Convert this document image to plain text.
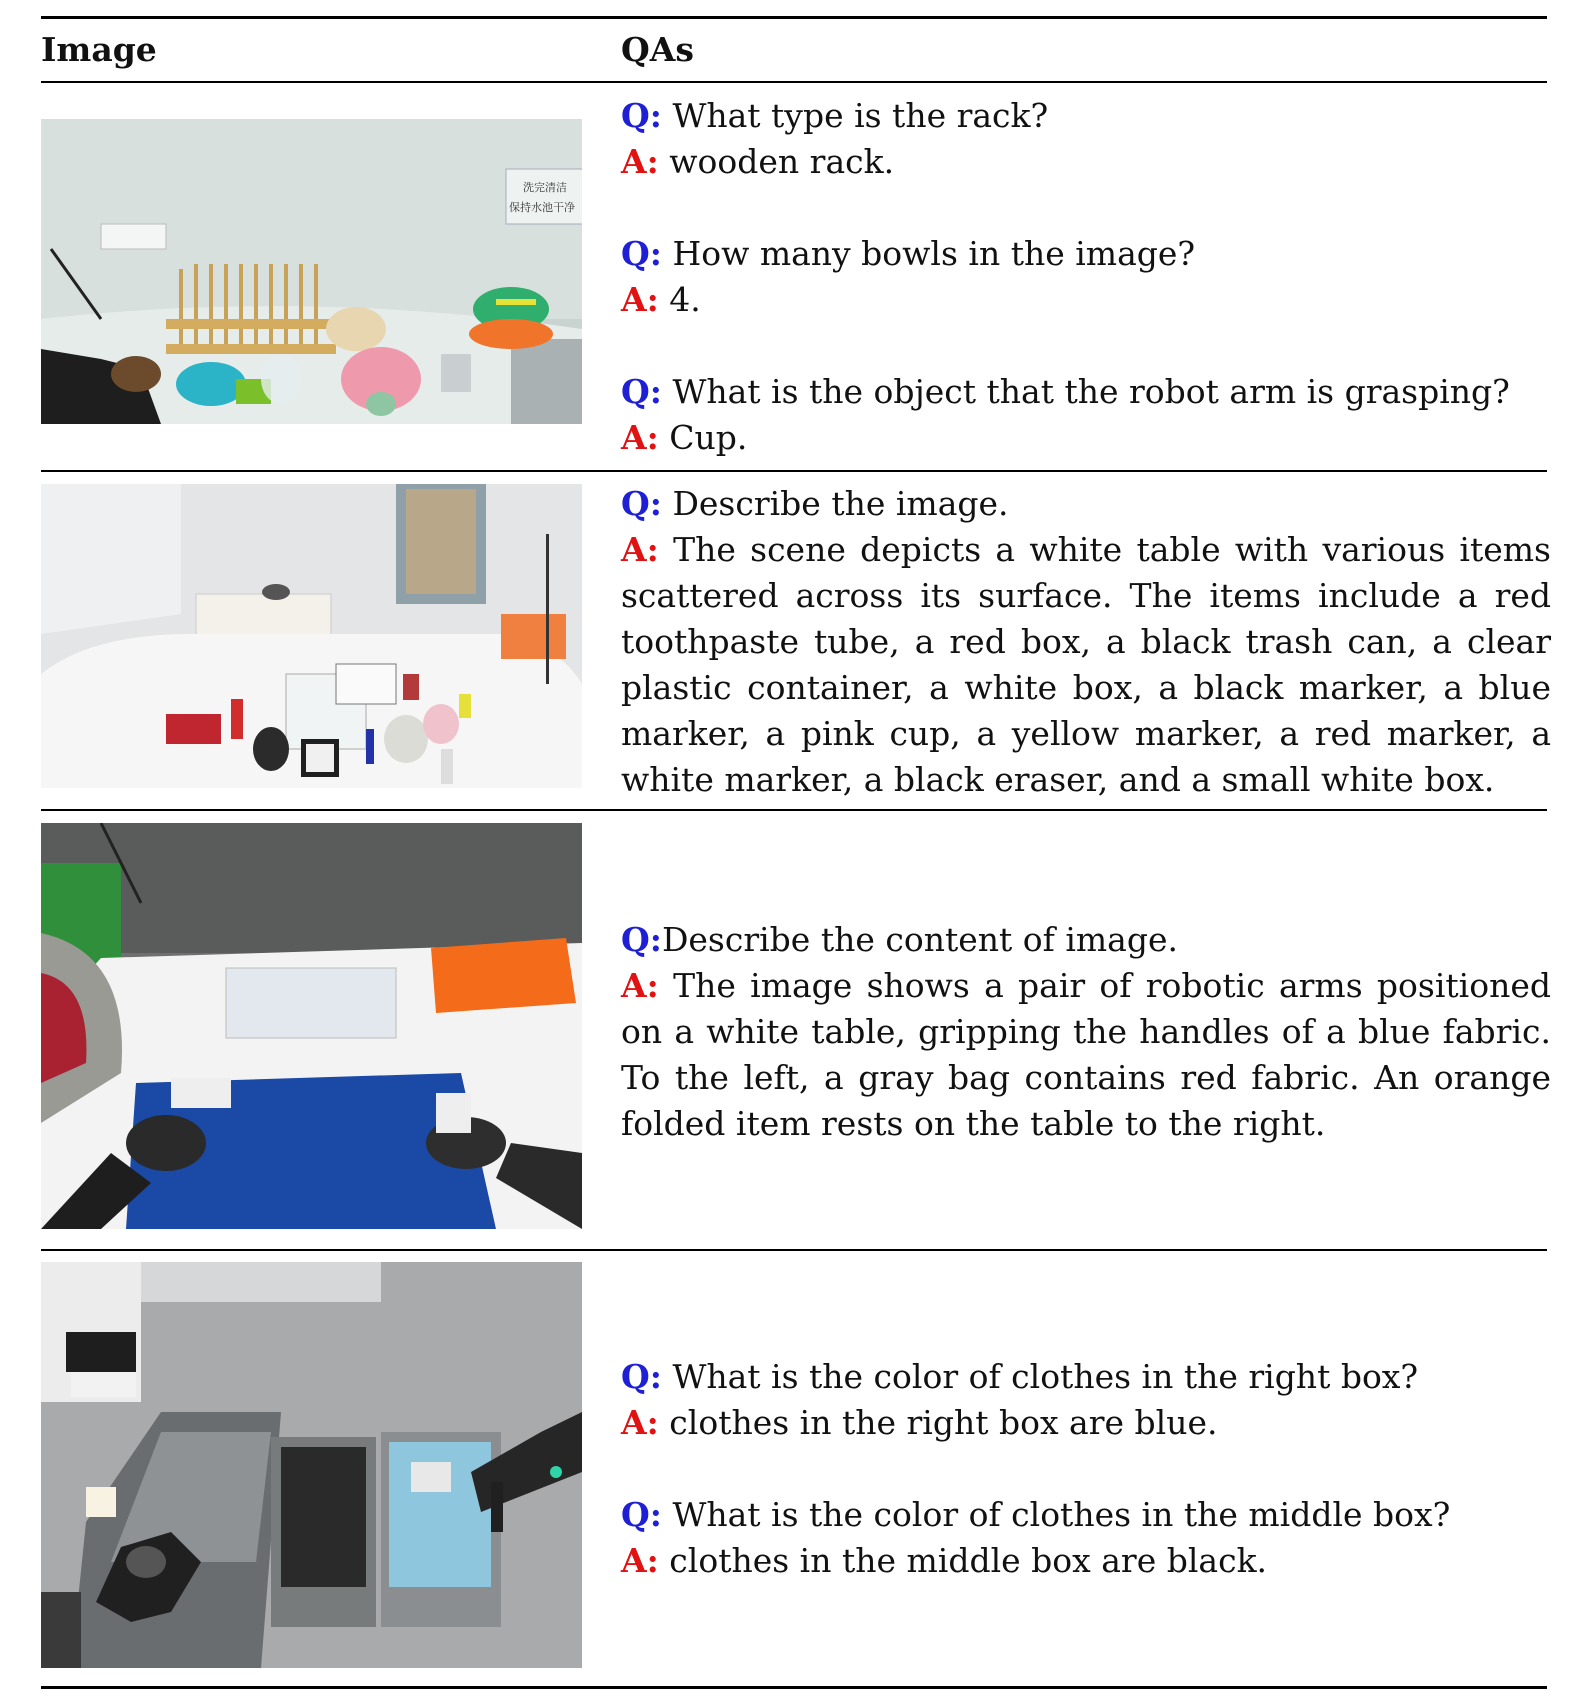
Image	QAs
洗完清洁
保持水池干净
Q: What type is the rack?
A: wooden rack.
Q: How many bowls in the image?
A: 4.
Q: What is the object that the robot arm is grasping?
A: Cup.
Q: Describe the image.
A: The scene depicts a white table with various items scattered across its surface. The items include a red toothpaste tube, a red box, a black trash can, a clear plastic container, a white box, a black marker, a blue marker, a pink cup, a yellow marker, a red marker, a white marker, a black eraser, and a small white box.
Q:Describe the content of image.
A: The image shows a pair of robotic arms positioned on a white table, gripping the handles of a blue fabric. To the left, a gray bag contains red fabric. An orange folded item rests on the table to the right.
Q: What is the color of clothes in the right box?
A: clothes in the right box are blue.
Q: What is the color of clothes in the middle box?
A: clothes in the middle box are black.
